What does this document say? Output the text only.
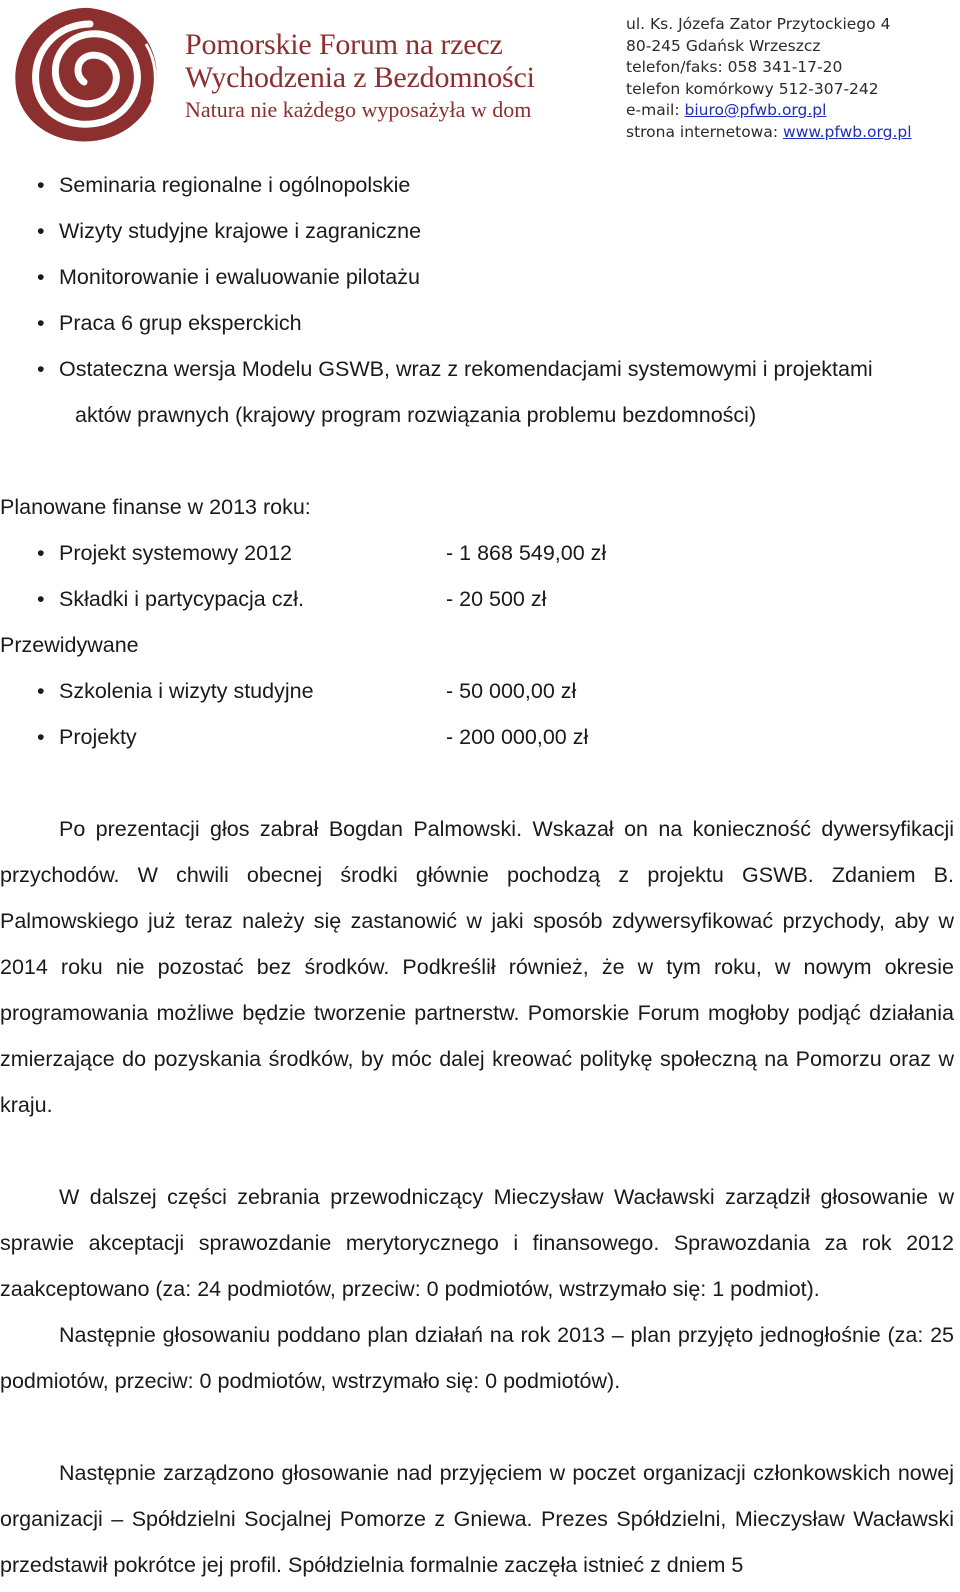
Pomorskie Forum na rzecz
Wychodzenia z Bezdomności
Natura nie każdego wyposażyła w dom
ul. Ks. Józefa Zator Przytockiego 4
80-245 Gdańsk Wrzeszcz
telefon/faks: 058 341-17-20
telefon komórkowy 512-307-242
e-mail: biuro@pfwb.org.pl
strona internetowa: www.pfwb.org.pl
• Seminaria regionalne i ogólnopolskie
• Wizyty studyjne krajowe i zagraniczne
• Monitorowanie i ewaluowanie pilotażu
• Praca 6 grup eksperckich
• Ostateczna wersja Modelu GSWB, wraz z rekomendacjami systemowymi i projektami
aktów prawnych (krajowy program rozwiązania problemu bezdomności)

Planowane finanse w 2013 roku:

• Projekt systemowy 2012	- 1 868 549,00 zł
• Składki i partycypacja czł.	- 20 500 zł

Przewidywane

• Szkolenia i wizyty studyjne	- 50 000,00 zł
• Projekty	- 200 000,00 zł

Po prezentacji głos zabrał Bogdan Palmowski. Wskazał on na konieczność dywersyfikacji przychodów. W chwili obecnej środki głównie pochodzą z projektu GSWB. Zdaniem B. Palmowskiego już teraz należy się zastanowić w jaki sposób zdywersyfikować przychody, aby w 2014 roku nie pozostać bez środków. Podkreślił również, że w tym roku, w nowym okresie programowania możliwe będzie tworzenie partnerstw. Pomorskie Forum mogłoby podjąć działania zmierzające do pozyskania środków, by móc dalej kreować politykę społeczną na Pomorzu oraz w kraju.

W dalszej części zebrania przewodniczący Mieczysław Wacławski zarządził głosowanie w sprawie akceptacji sprawozdanie merytorycznego i finansowego. Sprawozdania za rok 2012 zaakceptowano (za: 24 podmiotów, przeciw: 0 podmiotów, wstrzymało się: 1 podmiot).

Następnie głosowaniu poddano plan działań na rok 2013 – plan przyjęto jednogłośnie (za: 25 podmiotów, przeciw: 0 podmiotów, wstrzymało się: 0 podmiotów).

Następnie zarządzono głosowanie nad przyjęciem w poczet organizacji członkowskich nowej organizacji – Spółdzielni Socjalnej Pomorze z Gniewa. Prezes Spółdzielni, Mieczysław Wacławski przedstawił pokrótce jej profil. Spółdzielnia formalnie zaczęła istnieć z dniem 5
